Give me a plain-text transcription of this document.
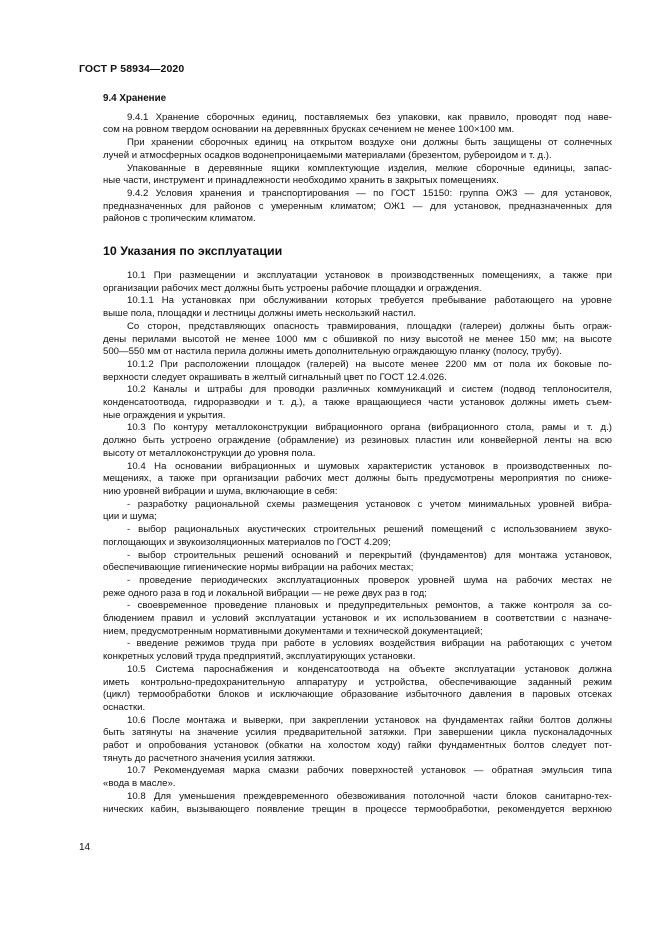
ГОСТ Р 58934—2020
9.4 Хранение

9.4.1 Хранение сборочных единиц, поставляемых без упаковки, как правило, проводят под наве-
сом на ровном твердом основании на деревянных брусках сечением не менее 100×100 мм.

При хранении сборочных единиц на открытом воздухе они должны быть защищены от солнечных
лучей и атмосферных осадков водонепроницаемыми материалами (брезентом, рубероидом и т. д.).

Упакованные в деревянные ящики комплектующие изделия, мелкие сборочные единицы, запас-
ные части, инструмент и принадлежности необходимо хранить в закрытых помещениях.

9.4.2 Условия хранения и транспортирования — по ГОСТ 15150: группа ОЖ3 — для установок,
предназначенных для районов с умеренным климатом; ОЖ1 — для установок, предназначенных для
районов с тропическим климатом.

10 Указания по эксплуатации

10.1 При размещении и эксплуатации установок в производственных помещениях, а также при
организации рабочих мест должны быть устроены рабочие площадки и ограждения.

10.1.1 На установках при обслуживании которых требуется пребывание работающего на уровне
выше пола, площадки и лестницы должны иметь нескользкий настил.

Со сторон, представляющих опасность травмирования, площадки (галереи) должны быть ограж-
дены перилами высотой не менее 1000 мм с обшивкой по низу высотой не менее 150 мм; на высоте
500—550 мм от настила перила должны иметь дополнительную ограждающую планку (полосу, трубу).

10.1.2 При расположении площадок (галерей) на высоте менее 2200 мм от пола их боковые по-
верхности следует окрашивать в желтый сигнальный цвет по ГОСТ 12.4.026.

10.2 Каналы и штрабы для проводки различных коммуникаций и систем (подвод теплоносителя,
конденсатоотвода, гидроразводки и т. д.), а также вращающиеся части установок должны иметь съем-
ные ограждения и укрытия.

10.3 По контуру металлоконструкции вибрационного органа (вибрационного стола, рамы и т. д.)
должно быть устроено ограждение (обрамление) из резиновых пластин или конвейерной ленты на всю
высоту от металлоконструкции до уровня пола.

10.4 На основании вибрационных и шумовых характеристик установок в производственных по-
мещениях, а также при организации рабочих мест должны быть предусмотрены мероприятия по сниже-
нию уровней вибрации и шума, включающие в себя:

- разработку рациональной схемы размещения установок с учетом минимальных уровней вибра-
ции и шума;

- выбор рациональных акустических строительных решений помещений с использованием звуко-
поглощающих и звукоизоляционных материалов по ГОСТ 4.209;

- выбор строительных решений оснований и перекрытий (фундаментов) для монтажа установок,
обеспечивающие гигиенические нормы вибрации на рабочих местах;

- проведение периодических эксплуатационных проверок уровней шума на рабочих местах не
реже одного раза в год и локальной вибрации — не реже двух раз в год;

- своевременное проведение плановых и предупредительных ремонтов, а также контроля за со-
блюдением правил и условий эксплуатации установок и их использованием в соответствии с назначе-
нием, предусмотренным нормативными документами и технической документацией;

- введение режимов труда при работе в условиях воздействия вибрации на работающих с учетом
конкретных условий труда предприятий, эксплуатирующих установки.

10.5 Система пароснабжения и конденсатоотвода на объекте эксплуатации установок должна
иметь контрольно-предохранительную аппаратуру и устройства, обеспечивающие заданный режим
(цикл) термообработки блоков и исключающие образование избыточного давления в паровых отсеках
оснастки.

10.6 После монтажа и выверки, при закреплении установок на фундаментах гайки болтов должны
быть затянуты на значение усилия предварительной затяжки. При завершении цикла пусконаладочных
работ и опробования установок (обкатки на холостом ходу) гайки фундаментных болтов следует пот-
тянуть до расчетного значения усилия затяжки.

10.7 Рекомендуемая марка смазки рабочих поверхностей установок — обратная эмульсия типа
«вода в масле».

10.8 Для уменьшения преждевременного обезвоживания потолочной части блоков санитарно-тех-
нических кабин, вызывающего появление трещин в процессе термообработки, рекомендуется верхнюю

14
